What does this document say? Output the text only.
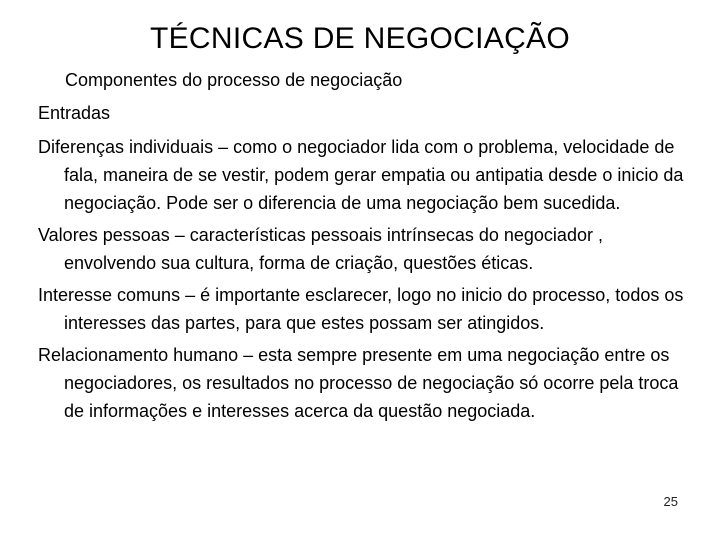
TÉCNICAS DE NEGOCIAÇÃO
Componentes do processo de negociação
Entradas

Diferenças individuais – como o negociador lida com o problema, velocidade de fala, maneira de se vestir, podem gerar empatia ou antipatia desde o inicio da negociação. Pode ser o diferencia de uma negociação bem sucedida.

Valores pessoas – características pessoais intrínsecas do negociador , envolvendo sua cultura, forma de criação, questões éticas.

Interesse comuns – é importante esclarecer, logo no inicio do processo, todos os interesses das partes, para que estes possam ser atingidos.

Relacionamento humano – esta sempre presente em uma negociação entre os negociadores, os resultados no processo de negociação só ocorre pela troca de informações e interesses acerca da questão negociada.

25
